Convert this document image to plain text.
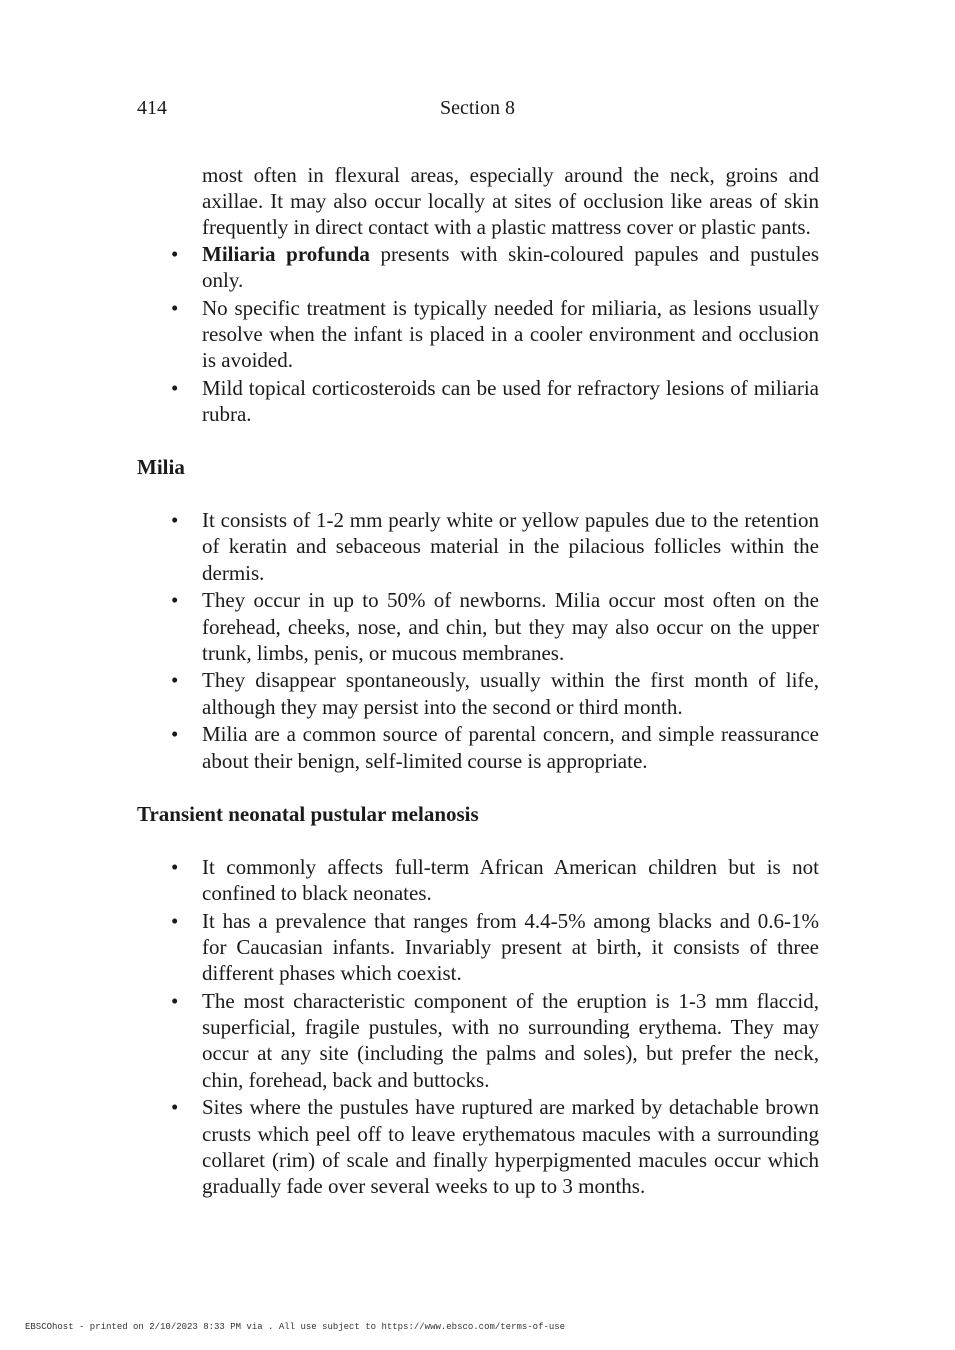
414	Section 8

most often in flexural areas, especially around the neck, groins and axillae. It may also occur locally at sites of occlusion like areas of skin frequently in direct contact with a plastic mattress cover or plastic pants.

• Miliaria profunda presents with skin-coloured papules and pustules only.
• No specific treatment is typically needed for miliaria, as lesions usually resolve when the infant is placed in a cooler environment and occlusion is avoided.
• Mild topical corticosteroids can be used for refractory lesions of miliaria rubra.
Milia
• It consists of 1-2 mm pearly white or yellow papules due to the retention of keratin and sebaceous material in the pilacious follicles within the dermis.
• They occur in up to 50% of newborns. Milia occur most often on the forehead, cheeks, nose, and chin, but they may also occur on the upper trunk, limbs, penis, or mucous membranes.
• They disappear spontaneously, usually within the first month of life, although they may persist into the second or third month.
• Milia are a common source of parental concern, and simple reassurance about their benign, self-limited course is appropriate.
Transient neonatal pustular melanosis
• It commonly affects full-term African American children but is not confined to black neonates.
• It has a prevalence that ranges from 4.4-5% among blacks and 0.6-1% for Caucasian infants. Invariably present at birth, it consists of three different phases which coexist.
• The most characteristic component of the eruption is 1-3 mm flaccid, superficial, fragile pustules, with no surrounding erythema. They may occur at any site (including the palms and soles), but prefer the neck, chin, forehead, back and buttocks.
• Sites where the pustules have ruptured are marked by detachable brown crusts which peel off to leave erythematous macules with a surrounding collaret (rim) of scale and finally hyperpigmented macules occur which gradually fade over several weeks to up to 3 months.
EBSCOhost - printed on 2/10/2023 8:33 PM via . All use subject to https://www.ebsco.com/terms-of-use
